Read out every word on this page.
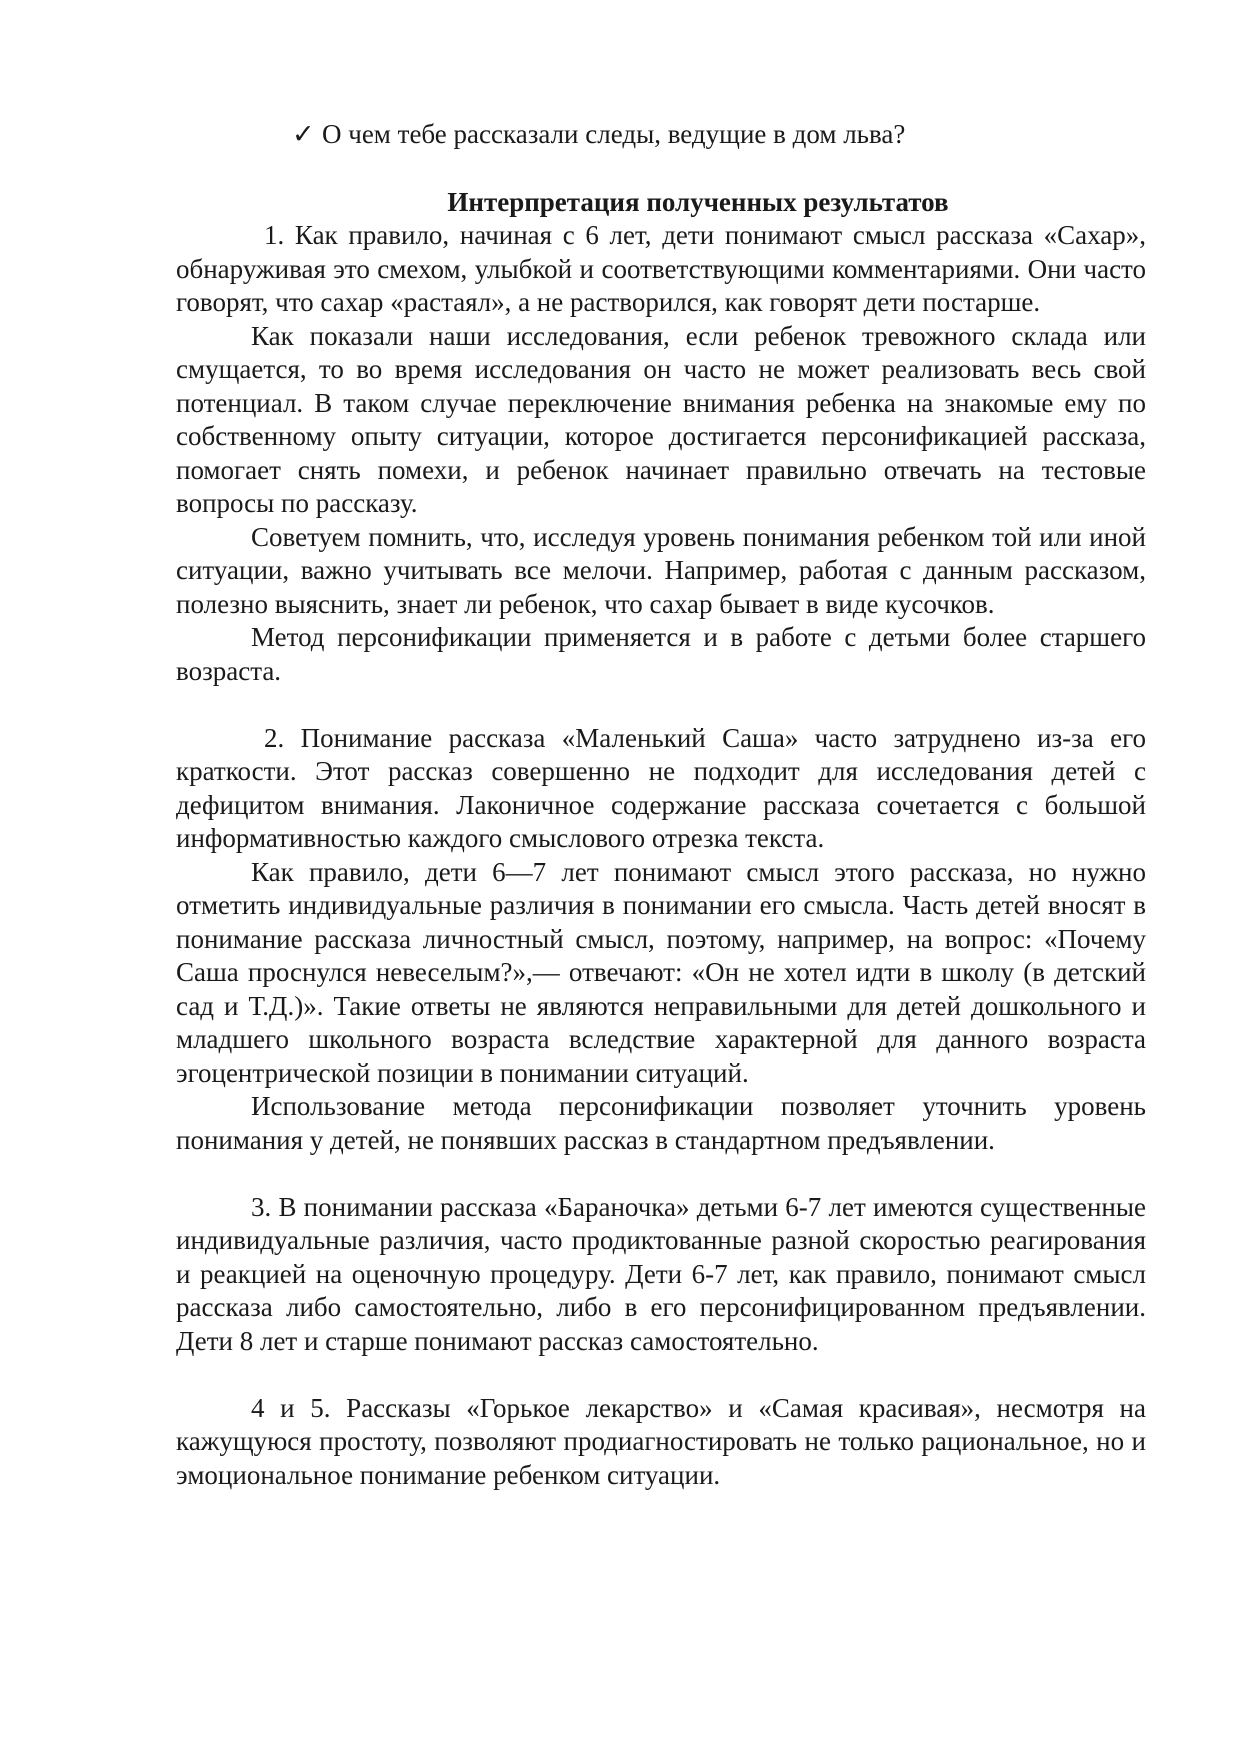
✓ О чем тебе рассказали следы, ведущие в дом льва?
Интерпретация полученных результатов

1. Как правило, начиная с 6 лет, дети понимают смысл рассказа «Сахар», обнаруживая это смехом, улыбкой и соответствующими комментариями. Они часто говорят, что сахар «растаял», а не растворился, как говорят дети постарше.

Как показали наши исследования, если ребенок тревожного склада или смущается, то во время исследования он часто не может реализовать весь свой потенциал. В таком случае переключение внимания ребенка на знакомые ему по собственному опыту ситуации, которое достигается персонификацией рассказа, помогает снять помехи, и ребенок начинает правильно отвечать на тестовые вопросы по рассказу.

Советуем помнить, что, исследуя уровень понимания ребенком той или иной ситуации, важно учитывать все мелочи. Например, работая с данным рассказом, полезно выяснить, знает ли ребенок, что сахар бывает в виде кусочков.

Метод персонификации применяется и в работе с детьми более старшего возраста.

2. Понимание рассказа «Маленький Саша» часто затруднено из-за его краткости. Этот рассказ совершенно не подходит для исследования детей с дефицитом внимания. Лаконичное содержание рассказа сочетается с большой информативностью каждого смыслового отрезка текста.

Как правило, дети 6—7 лет понимают смысл этого рассказа, но нужно отметить индивидуальные различия в понимании его смысла. Часть детей вносят в понимание рассказа личностный смысл, поэтому, например, на вопрос: «Почему Саша проснулся невеселым?»,— отвечают: «Он не хотел идти в школу (в детский сад и Т.Д.)». Такие ответы не являются неправильными для детей дошкольного и младшего школьного возраста вследствие характерной для данного возраста эгоцентрической позиции в понимании ситуаций.

Использование метода персонификации позволяет уточнить уровень понимания у детей, не понявших рассказ в стандартном предъявлении.

3. В понимании рассказа «Бараночка» детьми 6-7 лет имеются существенные индивидуальные различия, часто продиктованные разной скоростью реагирования и реакцией на оценочную процедуру. Дети 6-7 лет, как правило, понимают смысл рассказа либо самостоятельно, либо в его персонифицированном предъявлении. Дети 8 лет и старше понимают рассказ самостоятельно.

4 и 5. Рассказы «Горькое лекарство» и «Самая красивая», несмотря на кажущуюся простоту, позволяют продиагностировать не только рациональное, но и эмоциональное понимание ребенком ситуации.
